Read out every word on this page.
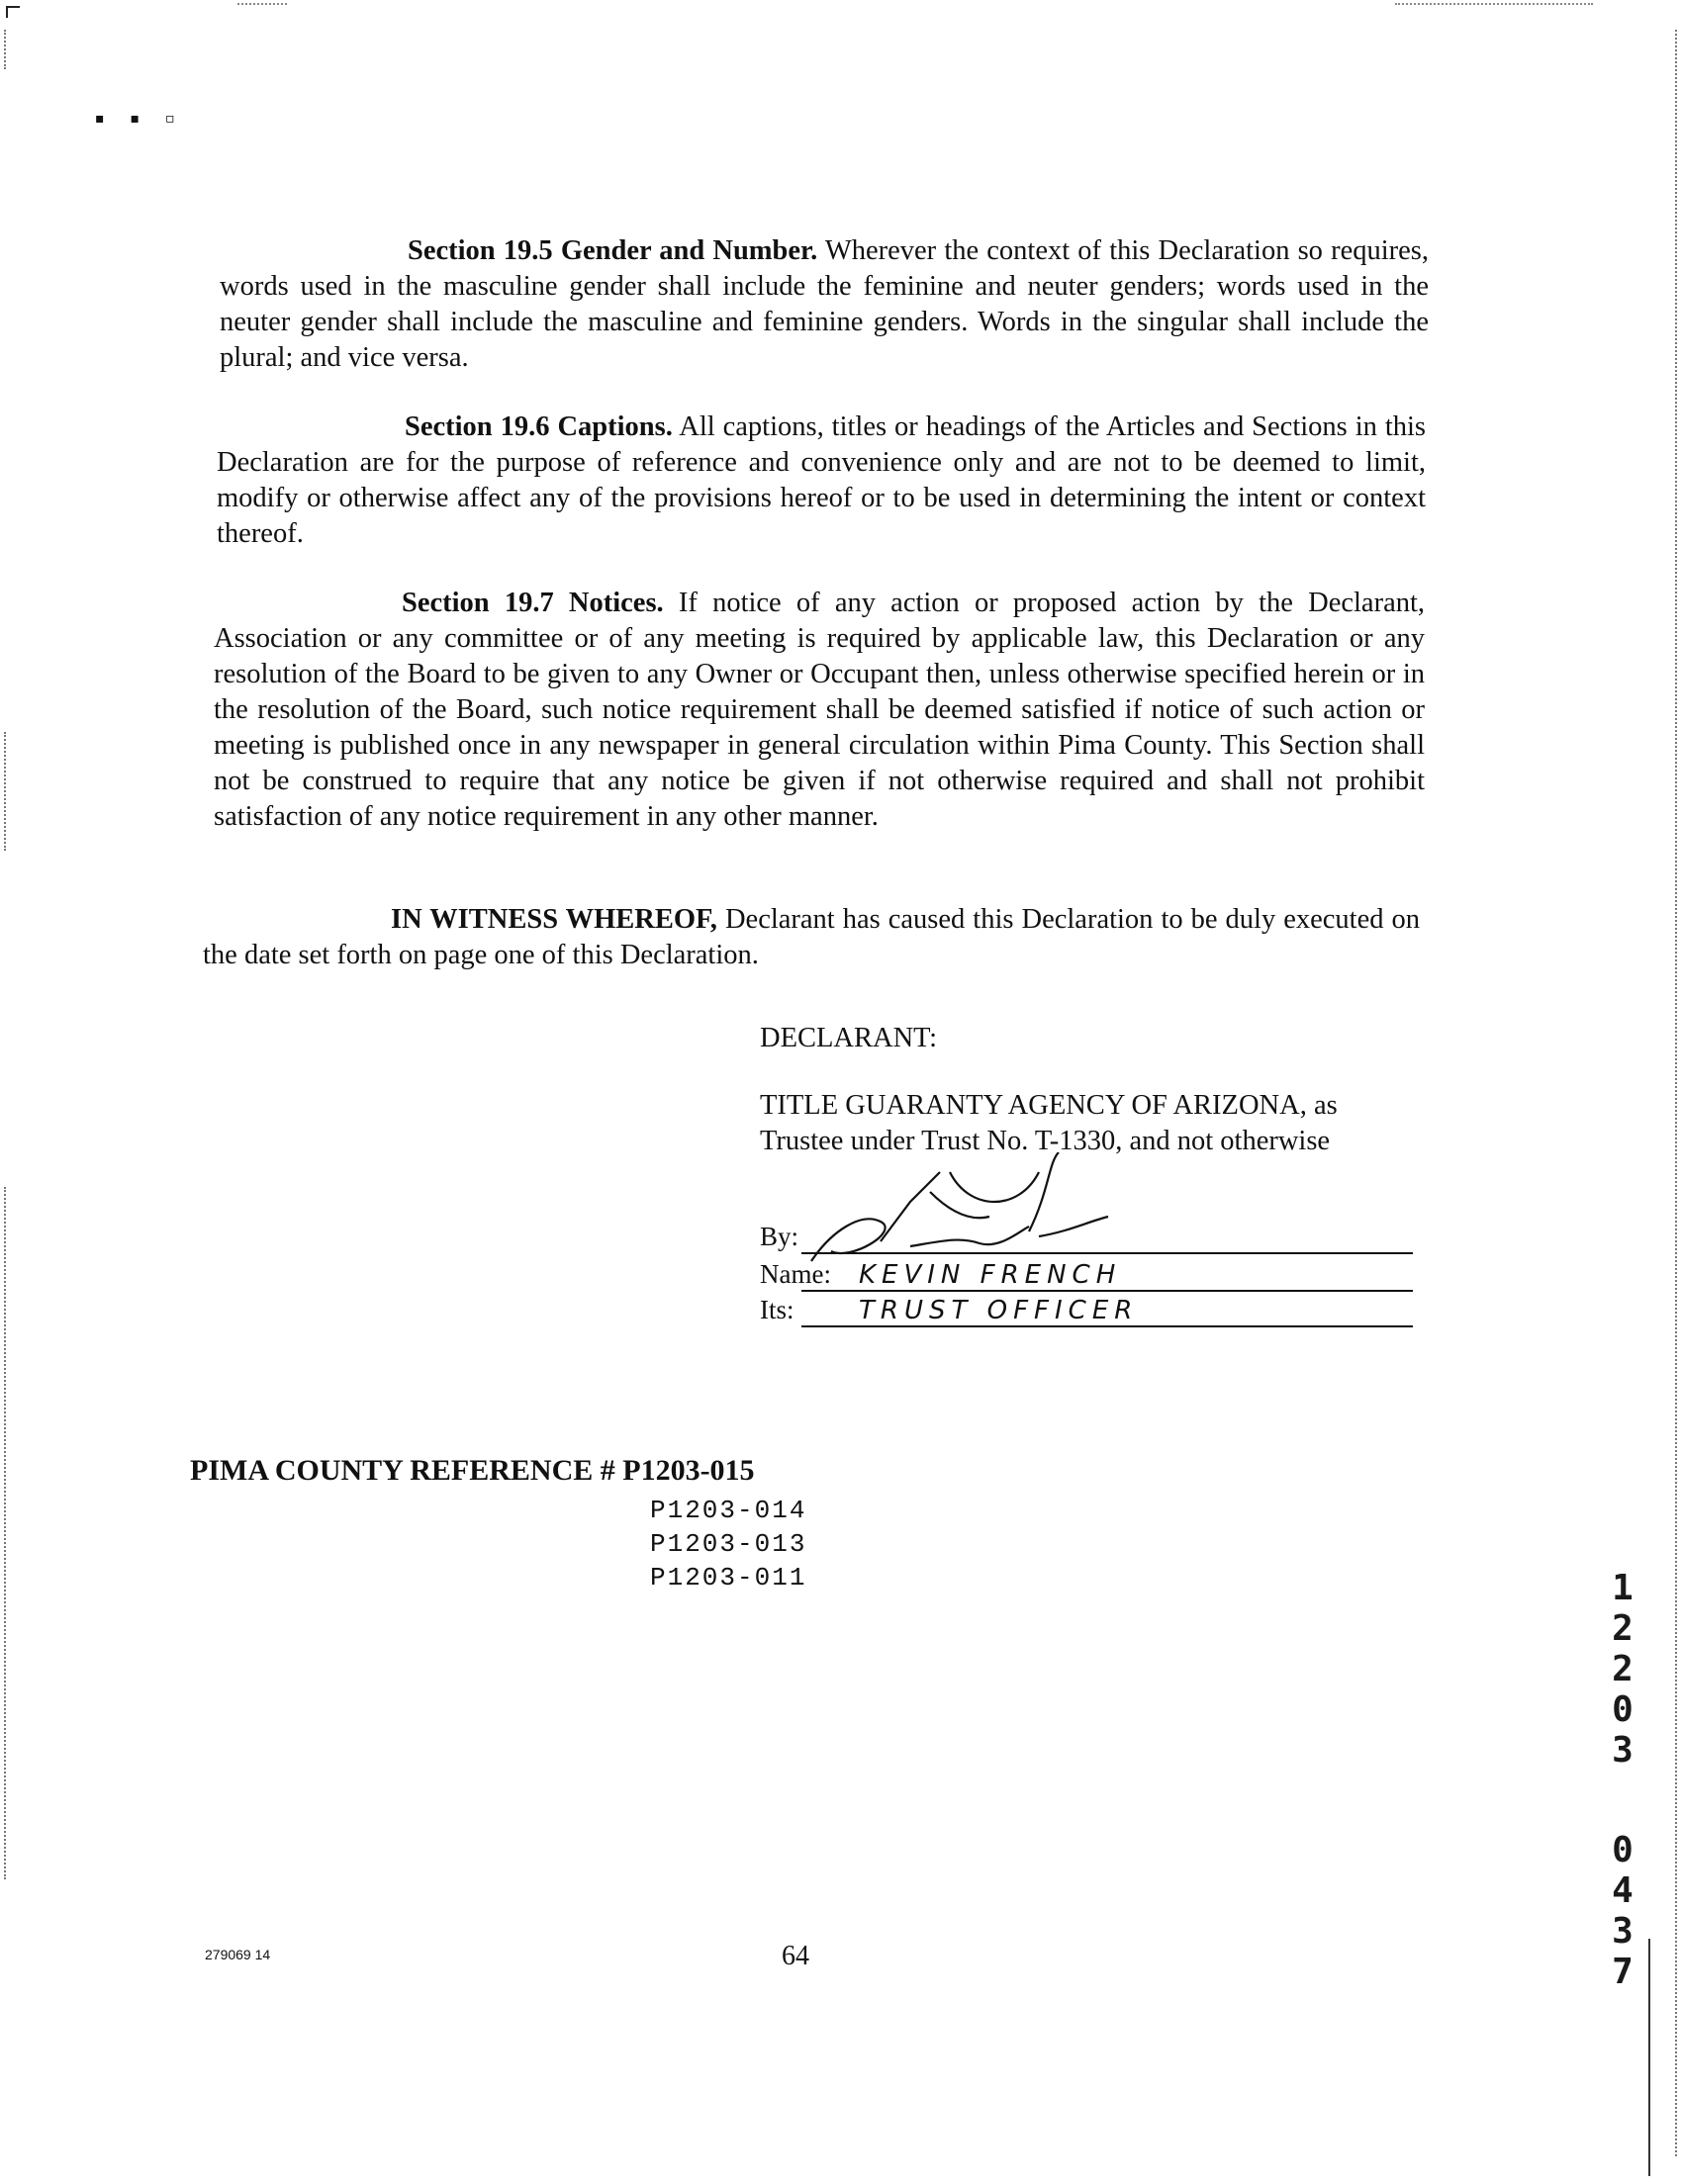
▪▪▫
Section 19.5 Gender and Number. Wherever the context of this Declaration so requires, words used in the masculine gender shall include the feminine and neuter genders; words used in the neuter gender shall include the masculine and feminine genders. Words in the singular shall include the plural; and vice versa.
Section 19.6 Captions. All captions, titles or headings of the Articles and Sections in this Declaration are for the purpose of reference and convenience only and are not to be deemed to limit, modify or otherwise affect any of the provisions hereof or to be used in determining the intent or context thereof.
Section 19.7 Notices. If notice of any action or proposed action by the Declarant, Association or any committee or of any meeting is required by applicable law, this Declaration or any resolution of the Board to be given to any Owner or Occupant then, unless otherwise specified herein or in the resolution of the Board, such notice requirement shall be deemed satisfied if notice of such action or meeting is published once in any newspaper in general circulation within Pima County. This Section shall not be construed to require that any notice be given if not otherwise required and shall not prohibit satisfaction of any notice requirement in any other manner.
IN WITNESS WHEREOF, Declarant has caused this Declaration to be duly executed on the date set forth on page one of this Declaration.
DECLARANT:
TITLE GUARANTY AGENCY OF ARIZONA, as
Trustee under Trust No. T-1330, and not otherwise
By:
Name: KEVIN FRENCH
Its:	TRUST OFFICER
PIMA COUNTY REFERENCE # P1203-015
P1203-014
P1203-013
P1203-011
279069 14	64
1
2
2
0
3
0
4
3
7
